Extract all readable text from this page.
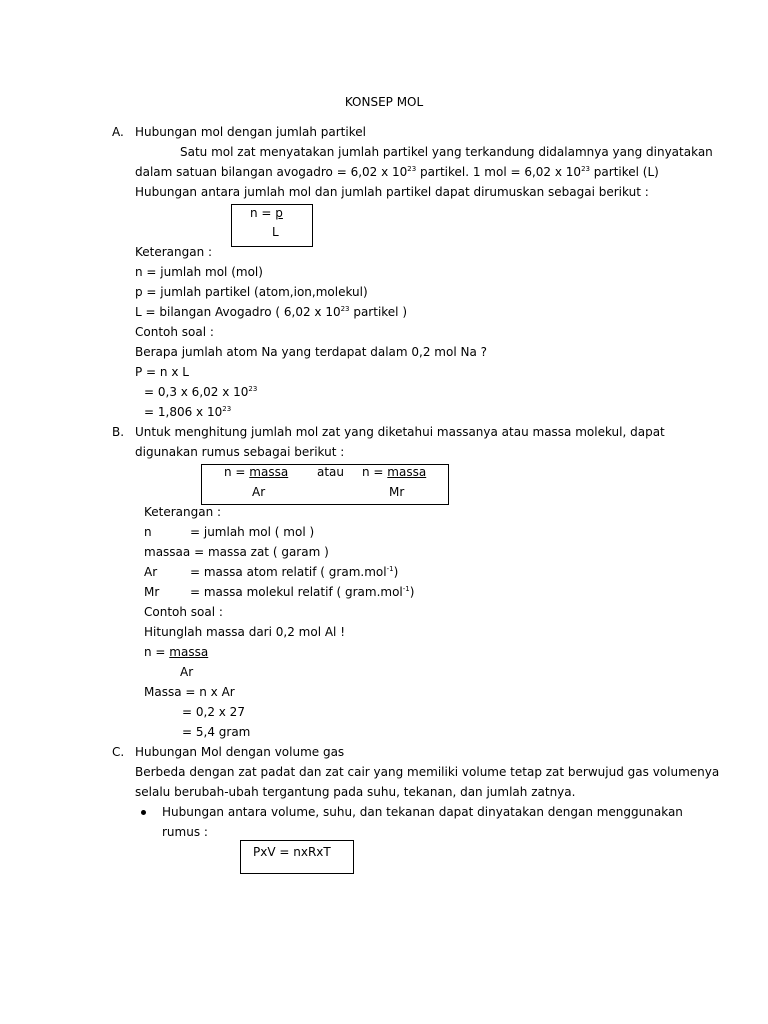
KONSEP MOL
A. Hubungan mol dengan jumlah partikel
Satu mol zat menyatakan jumlah partikel yang terkandung didalamnya yang dinyatakan
dalam satuan bilangan avogadro = 6,02 x $10^{23}$ partikel. 1 mol = 6,02 x $10^{23}$ partikel (L)
Hubungan antara jumlah mol dan jumlah partikel dapat dirumuskan sebagai berikut :
n = p
L
Keterangan :
n = jumlah mol (mol)
p = jumlah partikel (atom,ion,molekul)
L = bilangan Avogadro ( 6,02 x $10^{23}$ partikel )
Contoh soal :
Berapa jumlah atom Na yang terdapat dalam 0,2 mol Na ?
P = n x L
= 0,3 x 6,02 x $10^{23}$
= 1,806 x $10^{23}$
B. Untuk menghitung jumlah mol zat yang diketahui massanya atau massa molekul, dapat
digunakan rumus sebagai berikut :
n = massa
Ar
atau n = massa
Mr
Keterangan :
n	= jumlah mol ( mol )
massaa = massa zat ( garam )
Ar	= massa atom relatif ( gram.mol$^{-1}$)
Mr	= massa molekul relatif ( gram.mol$^{-1}$)
Contoh soal :
Hitunglah massa dari 0,2 mol Al !
n = massa
Ar
Massa = n x Ar
= 0,2 x 27
= 5,4 gram
C. Hubungan Mol dengan volume gas
Berbeda dengan zat padat dan zat cair yang memiliki volume tetap zat berwujud gas volumenya
selalu berubah-ubah tergantung pada suhu, tekanan, dan jumlah zatnya.
Hubungan antara volume, suhu, dan tekanan dapat dinyatakan dengan menggunakan
rumus :
PxV = nxRxT
